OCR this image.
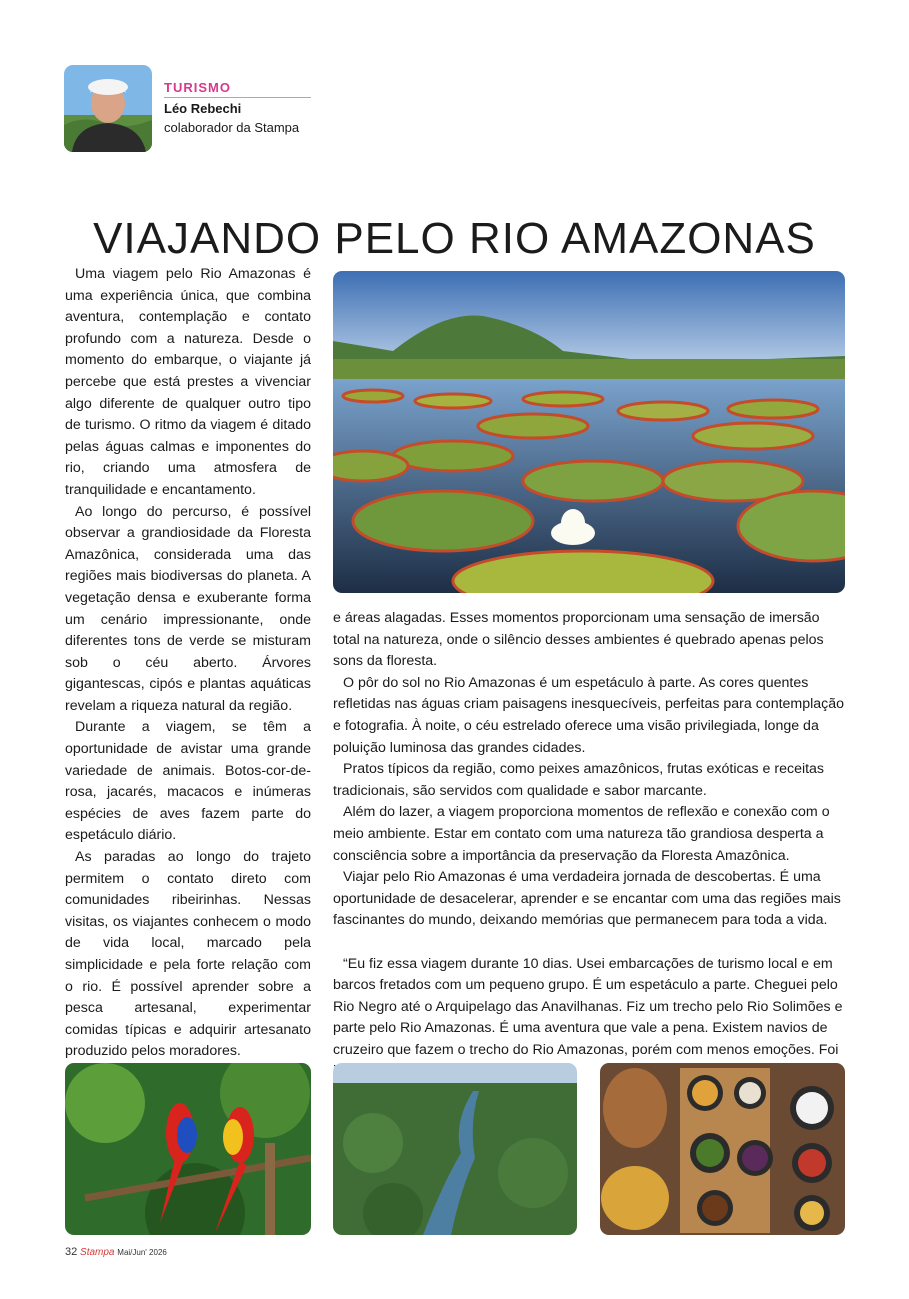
TURISMO
Léo Rebechi
colaborador da Stampa
VIAJANDO PELO RIO AMAZONAS

Uma viagem pelo Rio Amazonas é uma experiência única, que combina aventura, contemplação e contato profundo com a natureza. Desde o momento do embarque, o viajante já percebe que está prestes a vivenciar algo diferente de qualquer outro tipo de turismo. O ritmo da viagem é ditado pelas águas calmas e imponentes do rio, criando uma atmosfera de tranquilidade e encantamento.

Ao longo do percurso, é possível observar a grandiosidade da Floresta Amazônica, considerada uma das regiões mais biodiversas do planeta. A vegetação densa e exuberante forma um cenário impressionante, onde diferentes tons de verde se misturam sob o céu aberto. Árvores gigantescas, cipós e plantas aquáticas revelam a riqueza natural da região.

Durante a viagem, se têm a oportunidade de avistar uma grande variedade de animais. Botos-cor-de-rosa, jacarés, macacos e inúmeras espécies de aves fazem parte do espetáculo diário.

As paradas ao longo do trajeto permitem o contato direto com comunidades ribeirinhas. Nessas visitas, os viajantes conhecem o modo de vida local, marcado pela simplicidade e pela forte relação com o rio. É possível aprender sobre a pesca artesanal, experimentar comidas típicas e adquirir artesanato produzido pelos moradores.

e áreas alagadas. Esses momentos proporcionam uma sensação de imersão total na natureza, onde o silêncio desses ambientes é quebrado apenas pelos sons da floresta.

O pôr do sol no Rio Amazonas é um espetáculo à parte. As cores quentes refletidas nas águas criam paisagens inesquecíveis, perfeitas para contemplação e fotografia. À noite, o céu estrelado oferece uma visão privilegiada, longe da poluição luminosa das grandes cidades.

Pratos típicos da região, como peixes amazônicos, frutas exóticas e receitas tradicionais, são servidos com qualidade e sabor marcante.

Além do lazer, a viagem proporciona momentos de reflexão e conexão com o meio ambiente. Estar em contato com uma natureza tão grandiosa desperta a consciência sobre a importância da preservação da Floresta Amazônica.

Viajar pelo Rio Amazonas é uma verdadeira jornada de descobertas. É uma oportunidade de desacelerar, aprender e se encantar com uma das regiões mais fascinantes do mundo, deixando memórias que permanecem para toda a vida.

“Eu fiz essa viagem durante 10 dias. Usei embarcações de turismo local e em barcos fretados com um pequeno grupo. É um espetáculo a parte. Cheguei pelo Rio Negro até o Arquipelago das Anavilhanas. Fiz um trecho pelo Rio Solimões e parte pelo Rio Amazonas. É uma aventura que vale a pena. Existem navios de cruzeiro que fazem o trecho do Rio Amazonas, porém com menos emoções. Foi

32 Stampa Mai/Jun' 2026
